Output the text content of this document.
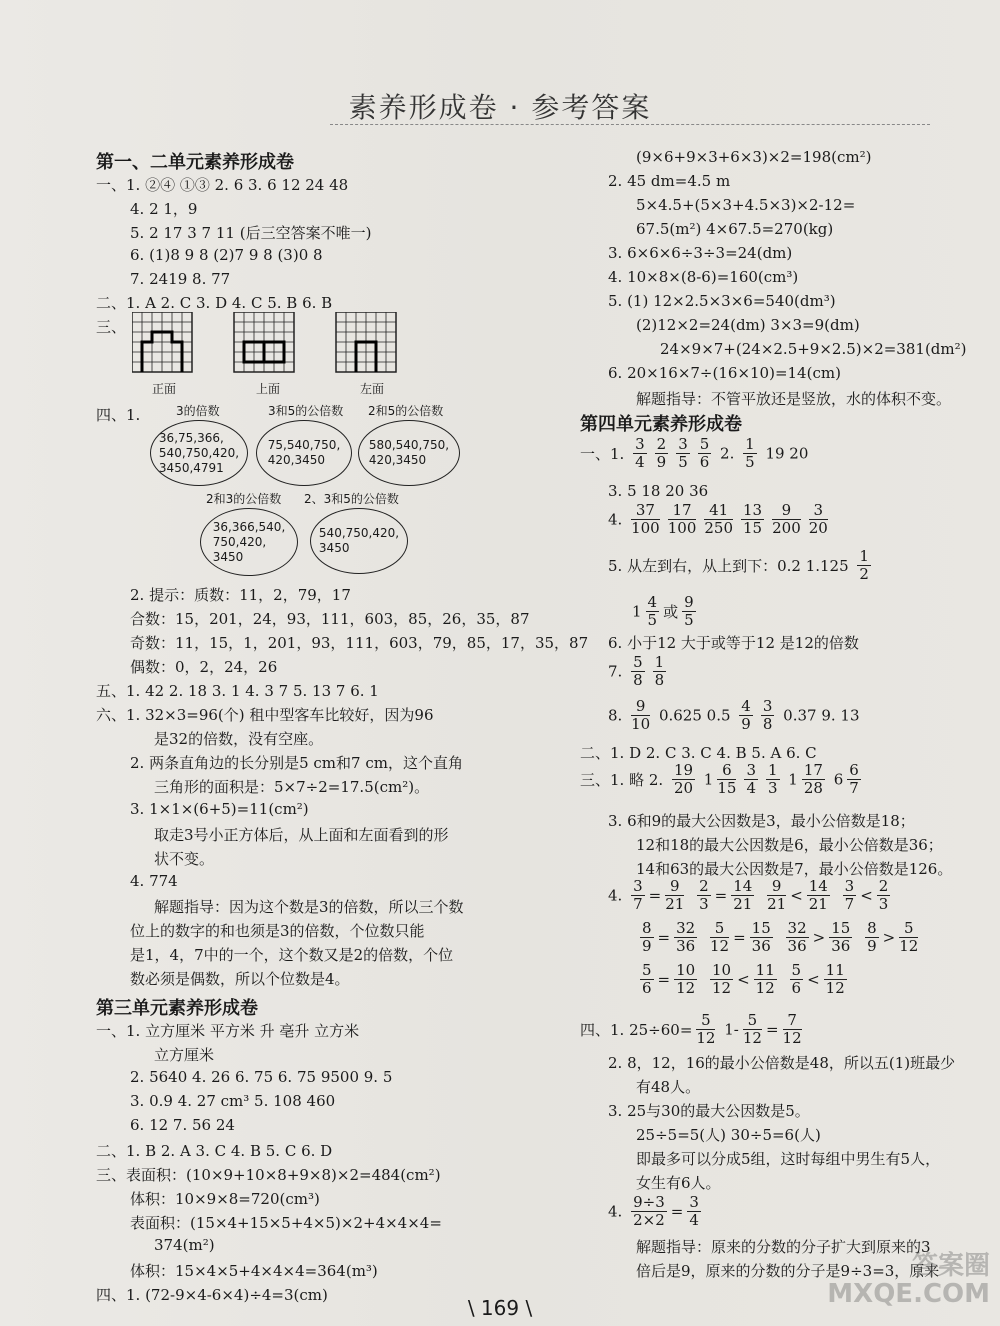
素养形成卷 · 参考答案
第一、二单元素养形成卷
一、1. ②④ ①③ 2. 6 3. 6 12 24 48
4. 2 1，9
5. 2 17 3 7 11 (后三空答案不唯一)
6. (1)8 9 8 (2)7 9 8 (3)0 8
7. 2419 8. 77
二、1. A 2. C 3. D 4. C 5. B 6. B
三、
正面	上面	左面
四、1.	3的倍数	3和5的公倍数 2和5的公倍数
36,75,366,
540,750,420,
3450,4791
75,540,750,
420,3450
580,540,750,
420,3450
2和3的公倍数 2、3和5的公倍数
36,366,540,
750,420,
3450
540,750,420,
3450
2. 提示：质数：11，2，79，17
合数：15，201，24，93，111，603，85，26，35，87
奇数：11，15，1，201，93，111，603，79，85，17，35，87
偶数：0，2，24，26
五、1. 42 2. 18 3. 1 4. 3 7 5. 13 7 6. 1
六、1. 32×3=96(个) 租中型客车比较好，因为96
是32的倍数，没有空座。
2. 两条直角边的长分别是5 cm和7 cm，这个直角
三角形的面积是：5×7÷2=17.5(cm²)。
3. 1×1×(6+5)=11(cm²)
取走3号小正方体后，从上面和左面看到的形
状不变。
4. 774
解题指导：因为这个数是3的倍数，所以三个数
位上的数字的和也须是3的倍数，个位数只能
是1，4，7中的一个，这个数又是2的倍数，个位
数必须是偶数，所以个位数是4。
第三单元素养形成卷
一、1. 立方厘米 平方米 升 亳升 立方米
立方厘米
2. 5640 4. 26 6. 75 6. 75 9500 9. 5
3. 0.9 4. 27 cm³ 5. 108 460
6. 12 7. 56 24
二、1. B 2. A 3. C 4. B 5. C 6. D
三、表面积：(10×9+10×8+9×8)×2=484(cm²)
体积：10×9×8=720(cm³)
表面积：(15×4+15×5+4×5)×2+4×4×4=
374(m²)
体积：15×4×5+4×4×4=364(m³)
四、1. (72-9×4-6×4)÷4=3(cm)
(9×6+9×3+6×3)×2=198(cm²)
2. 45 dm=4.5 m
5×4.5+(5×3+4.5×3)×2-12=
67.5(m²) 4×67.5=270(kg)
3. 6×6×6÷3÷3=24(dm)
4. 10×8×(8-6)=160(cm³)
5. (1) 12×2.5×3×6=540(dm³)
(2)12×2=24(dm) 3×3=9(dm)
24×9×7+(24×2.5+9×2.5)×2=381(dm²)
6. 20×16×7÷(16×10)=14(cm)
解题指导：不管平放还是竖放，水的体积不变。
第四单元素养形成卷
一、1. $\frac{3}{4} \frac{2}{9} \frac{3}{5} \frac{5}{6} 2$. $\frac{1}{5} 19$ 20
3. 5 18 20 36
4. $\frac{37}{100} \frac{17}{100} \frac{41}{250} \frac{13}{15} \frac{9}{200} \frac{3}{20}$
5. 从左到右，从上到下：0.2 $1.125 \frac{1}{2}$
$1 \frac{4}{5}$ 或 $\frac{9}{5}$
6. 小于12 大于或等于12 是12的倍数
7. $\frac{5}{8} \frac{1}{8}$
8. $\frac{9}{10} 0.625$ $0.5 \frac{4}{9} \frac{3}{8} 0.37$ 9. 13
二、1. D 2. C 3. C 4. B 5. A 6. C
三、1. 略 2. $\frac{19}{20} 1 \frac{6}{15} \frac{3}{4} \frac{1}{3} 1 \frac{17}{28} 6 \frac{6}{7}$
3. 6和9的最大公因数是3，最小公倍数是18；
12和18的最大公因数是6，最小公倍数是36；
14和63的最大公因数是7，最小公倍数是126。
4. $\frac{3}{7} = \frac{9}{21}$
$\frac{2}{3} = \frac{14}{21}$
$\frac{9}{21} < \frac{14}{21}$
$\frac{3}{7} < \frac{2}{3}$
$\frac{8}{9} = \frac{32}{36}$
$\frac{5}{12} = \frac{15}{36}$
$\frac{32}{36} > \frac{15}{36}$
$\frac{8}{9} > \frac{5}{12}$
$\frac{5}{6} = \frac{10}{12}$
$\frac{10}{12} < \frac{11}{12}$
$\frac{5}{6} < \frac{11}{12}$
四、1. $25\div 60= \frac{5}{12} 1- \frac{5}{12} = \frac{7}{12}$
2. 8，12，16的最小公倍数是48，所以五(1)班最少
有48人。
3. 25与30的最大公因数是5。
25÷5=5(人) 30÷5=6(人)
即最多可以分成5组，这时每组中男生有5人，
女生有6人。
4. $\frac{9\div 3}{2\times 2} = \frac{3}{4}$
解题指导：原来的分数的分子扩大到原来的3
倍后是9，原来的分数的分子是9÷3=3，原来
\ 169 \
答案圈
MXQE.COM
